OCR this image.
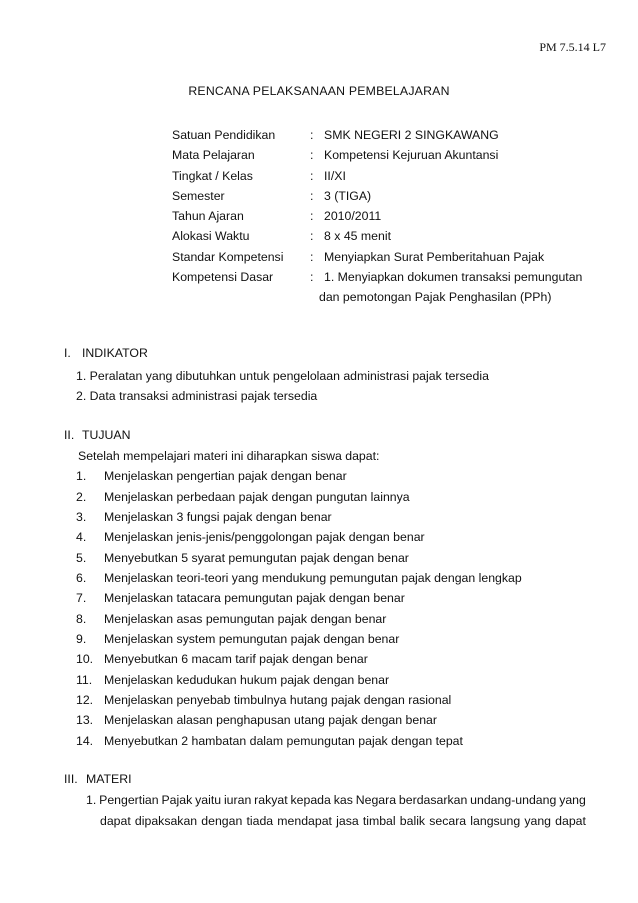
PM 7.5.14 L7
RENCANA PELAKSANAAN PEMBELAJARAN
Satuan Pendidikan	: SMK NEGERI 2 SINGKAWANG
Mata Pelajaran	: Kompetensi Kejuruan Akuntansi
Tingkat / Kelas	: II/XI
Semester	: 3 (TIGA)
Tahun Ajaran	: 2010/2011
Alokasi Waktu	: 8 x 45 menit
Standar Kompetensi : Menyiapkan Surat Pemberitahuan Pajak
Kompetensi Dasar	: 1. Menyiapkan dokumen transaksi pemungutan
dan pemotongan Pajak Penghasilan (PPh)
I. INDIKATOR
1. Peralatan yang dibutuhkan untuk pengelolaan administrasi pajak tersedia
2. Data transaksi administrasi pajak tersedia
II. TUJUAN
Setelah mempelajari materi ini diharapkan siswa dapat:
1.	Menjelaskan pengertian pajak dengan benar
2.	Menjelaskan perbedaan pajak dengan pungutan lainnya
3.	Menjelaskan 3 fungsi pajak dengan benar
4.	Menjelaskan jenis-jenis/penggolongan pajak dengan benar
5.	Menyebutkan 5 syarat pemungutan pajak dengan benar
6.	Menjelaskan teori-teori yang mendukung pemungutan pajak dengan lengkap
7.	Menjelaskan tatacara pemungutan pajak dengan benar
8.	Menjelaskan asas pemungutan pajak dengan benar
9.	Menjelaskan system pemungutan pajak dengan benar
10. Menyebutkan 6 macam tarif pajak dengan benar
11. Menjelaskan kedudukan hukum pajak dengan benar
12. Menjelaskan penyebab timbulnya hutang pajak dengan rasional
13. Menjelaskan alasan penghapusan utang pajak dengan benar
14. Menyebutkan 2 hambatan dalam pemungutan pajak dengan tepat
III. MATERI
1. Pengertian Pajak yaitu iuran rakyat kepada kas Negara berdasarkan undang-undang yang
dapat dipaksakan dengan tiada mendapat jasa timbal balik secara langsung yang dapat
